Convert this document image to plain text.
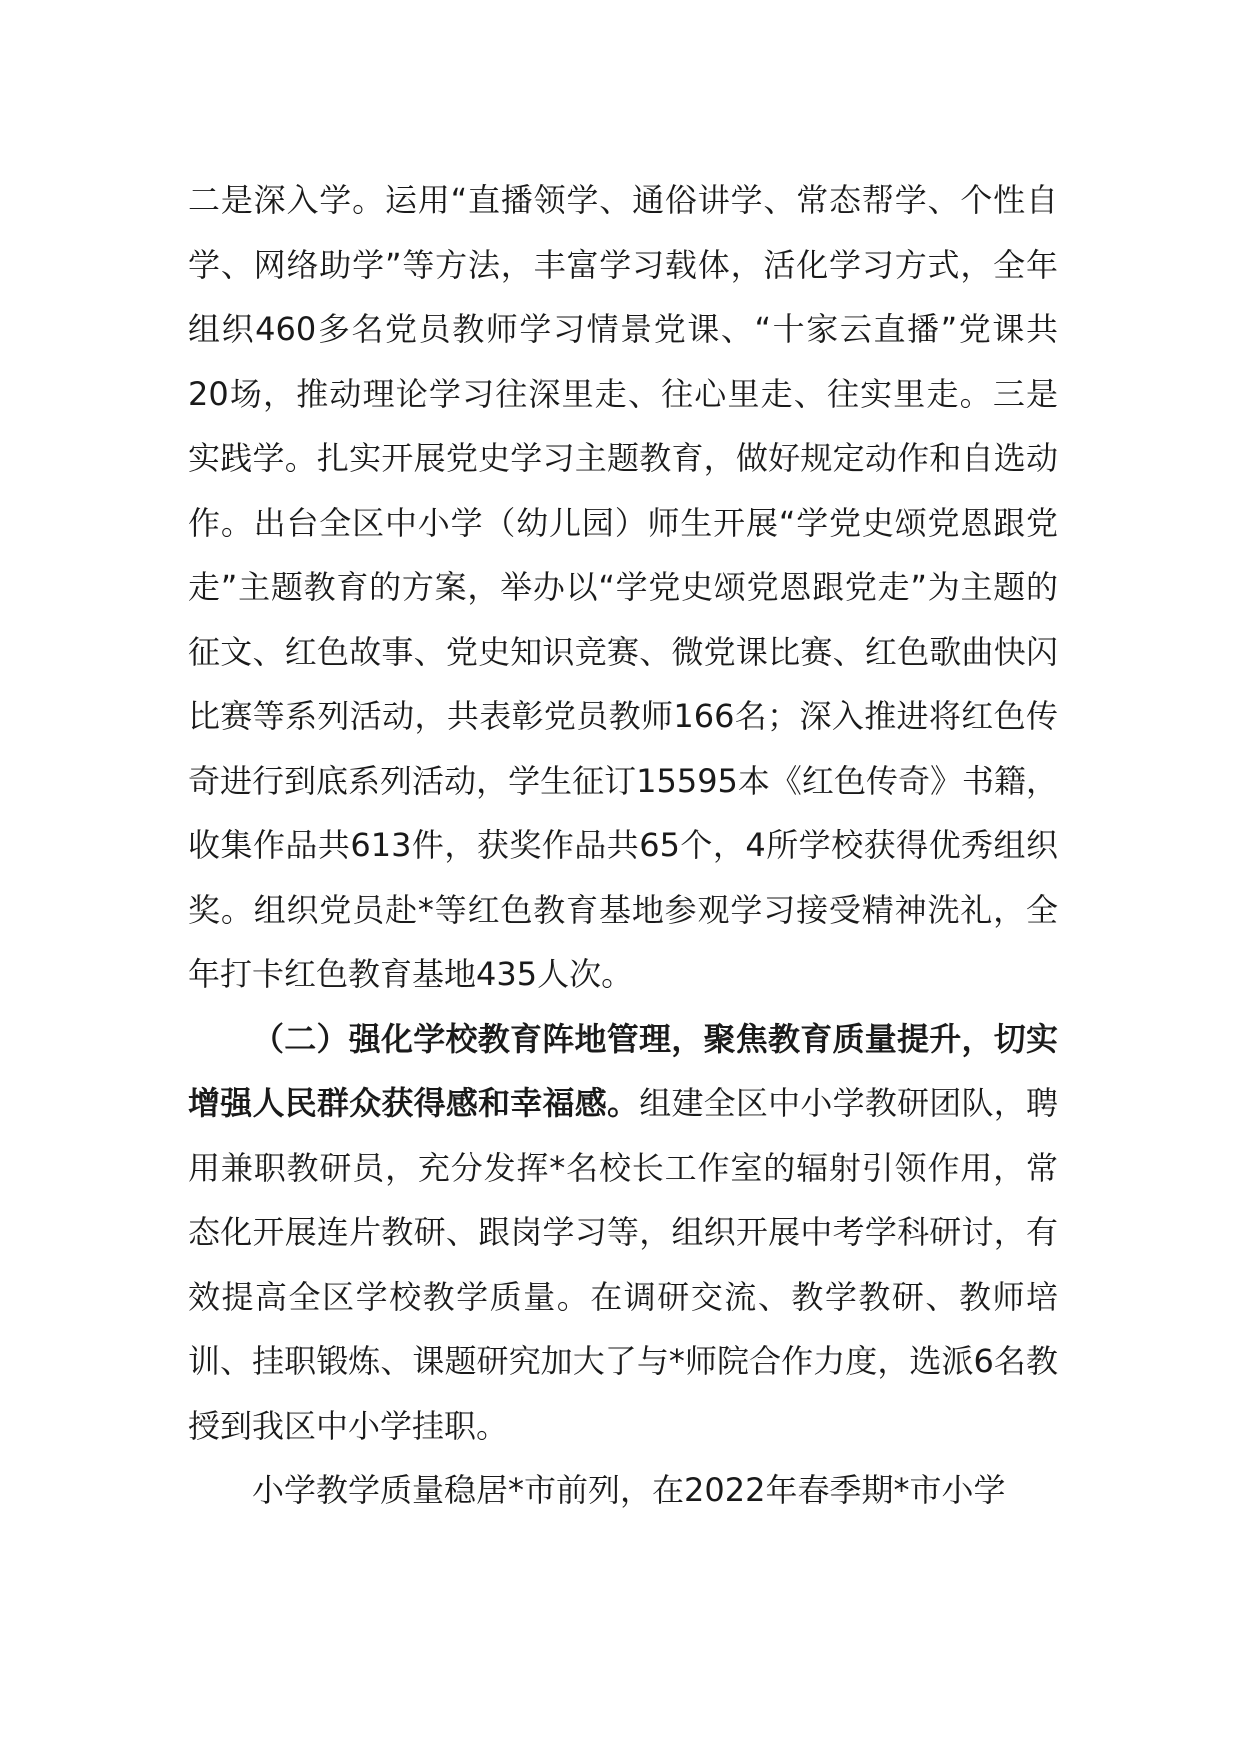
二是深入学。运用“直播领学、通俗讲学、常态帮学、个性自学、网络助学”等方法，丰富学习载体，活化学习方式，全年组织460多名党员教师学习情景党课、“十家云直播”党课共20场，推动理论学习往深里走、往心里走、往实里走。三是实践学。扎实开展党史学习主题教育，做好规定动作和自选动作。出台全区中小学（幼儿园）师生开展“学党史颂党恩跟党走”主题教育的方案，举办以“学党史颂党恩跟党走”为主题的征文、红色故事、党史知识竞赛、微党课比赛、红色歌曲快闪比赛等系列活动，共表彰党员教师166名；深入推进将红色传奇进行到底系列活动，学生征订15595本《红色传奇》书籍，收集作品共613件，获奖作品共65个，4所学校获得优秀组织奖。组织党员赴*等红色教育基地参观学习接受精神洗礼，全年打卡红色教育基地435人次。

（二）强化学校教育阵地管理，聚焦教育质量提升，切实增强人民群众获得感和幸福感。组建全区中小学教研团队，聘用兼职教研员，充分发挥*名校长工作室的辐射引领作用，常态化开展连片教研、跟岗学习等，组织开展中考学科研讨，有效提高全区学校教学质量。在调研交流、教学教研、教师培训、挂职锻炼、课题研究加大了与*师院合作力度，选派6名教授到我区中小学挂职。

小学教学质量稳居*市前列，在2022年春季期*市小学
